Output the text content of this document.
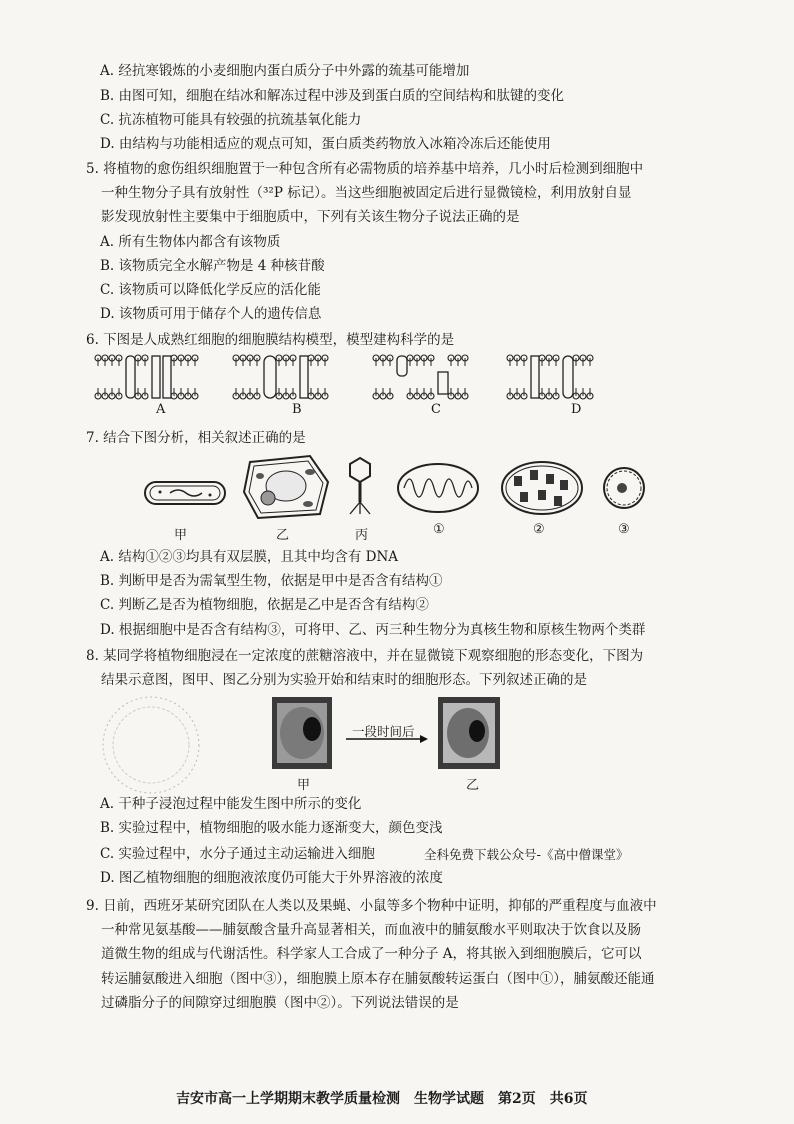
A. 经抗寒锻炼的小麦细胞内蛋白质分子中外露的巯基可能增加
B. 由图可知，细胞在结冰和解冻过程中涉及到蛋白质的空间结构和肽键的变化
C. 抗冻植物可能具有较强的抗巯基氧化能力
D. 由结构与功能相适应的观点可知，蛋白质类药物放入冰箱冷冻后还能使用
5. 将植物的愈伤组织细胞置于一种包含所有必需物质的培养基中培养，几小时后检测到细胞中
一种生物分子具有放射性（³²P 标记）。当这些细胞被固定后进行显微镜检，利用放射自显
影发现放射性主要集中于细胞质中，下列有关该生物分子说法正确的是
A. 所有生物体内都含有该物质
B. 该物质完全水解产物是 4 种核苷酸
C. 该物质可以降低化学反应的活化能
D. 该物质可用于储存个人的遗传信息
6. 下图是人成熟红细胞的细胞膜结构模型，模型建构科学的是
A	B	C	D
7. 结合下图分析，相关叙述正确的是
甲	乙	丙	①	②	③
A. 结构①②③均具有双层膜，且其中均含有 DNA
B. 判断甲是否为需氧型生物，依据是甲中是否含有结构①
C. 判断乙是否为植物细胞，依据是乙中是否含有结构②
D. 根据细胞中是否含有结构③，可将甲、乙、丙三种生物分为真核生物和原核生物两个类群
8. 某同学将植物细胞浸在一定浓度的蔗糖溶液中，并在显微镜下观察细胞的形态变化，下图为
结果示意图，图甲、图乙分别为实验开始和结束时的细胞形态。下列叙述正确的是
一段时间后
甲	乙
A. 干种子浸泡过程中能发生图中所示的变化
B. 实验过程中，植物细胞的吸水能力逐渐变大，颜色变浅
C. 实验过程中，水分子通过主动运输进入细胞	全科免费下载公众号-《高中僧课堂》
D. 图乙植物细胞的细胞液浓度仍可能大于外界溶液的浓度
9. 日前，西班牙某研究团队在人类以及果蝇、小鼠等多个物种中证明，抑郁的严重程度与血液中
一种常见氨基酸——脯氨酸含量升高显著相关，而血液中的脯氨酸水平则取决于饮食以及肠
道微生物的组成与代谢活性。科学家人工合成了一种分子 A，将其嵌入到细胞膜后，它可以
转运脯氨酸进入细胞（图中③），细胞膜上原本存在脯氨酸转运蛋白（图中①），脯氨酸还能通
过磷脂分子的间隙穿过细胞膜（图中②）。下列说法错误的是
吉安市高一上学期期末教学质量检测　生物学试题　第2页　共6页
